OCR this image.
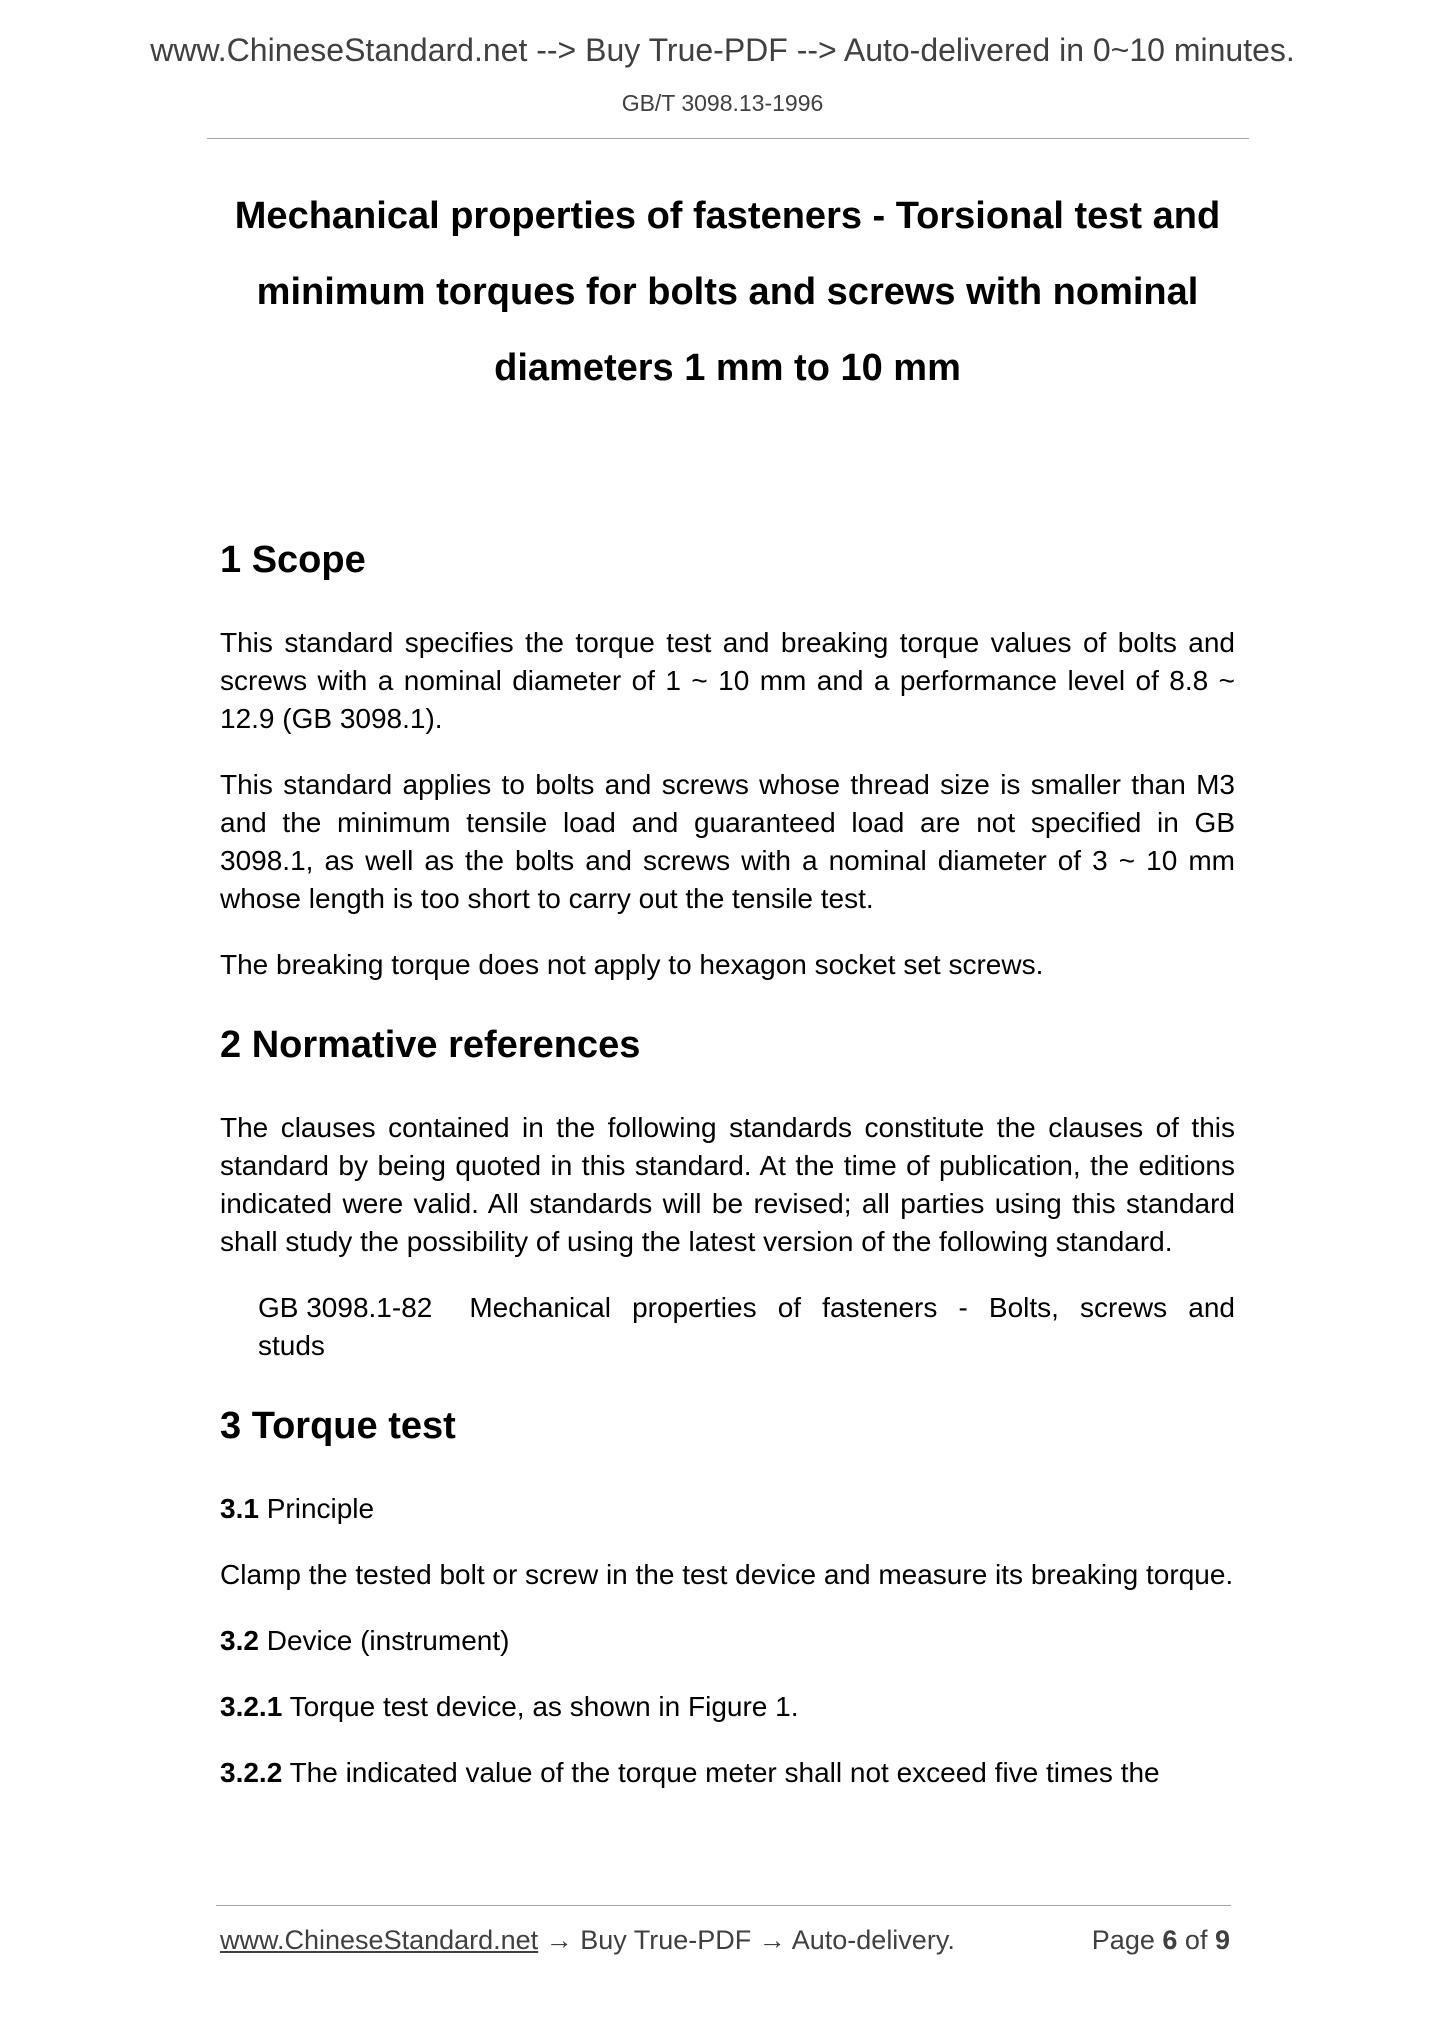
www.ChineseStandard.net --> Buy True-PDF --> Auto-delivered in 0~10 minutes.
GB/T 3098.13-1996
Mechanical properties of fasteners - Torsional test and
minimum torques for bolts and screws with nominal
diameters 1 mm to 10 mm
1 Scope

This standard specifies the torque test and breaking torque values of bolts and screws with a nominal diameter of 1 ~ 10 mm and a performance level of 8.8 ~ 12.9 (GB 3098.1).

This standard applies to bolts and screws whose thread size is smaller than M3 and the minimum tensile load and guaranteed load are not specified in GB 3098.1, as well as the bolts and screws with a nominal diameter of 3 ~ 10 mm whose length is too short to carry out the tensile test.

The breaking torque does not apply to hexagon socket set screws.

2 Normative references

The clauses contained in the following standards constitute the clauses of this standard by being quoted in this standard. At the time of publication, the editions indicated were valid. All standards will be revised; all parties using this standard shall study the possibility of using the latest version of the following standard.

GB 3098.1-82 Mechanical properties of fasteners - Bolts, screws and
studs
3 Torque test

3.1 Principle

Clamp the tested bolt or screw in the test device and measure its breaking torque.

3.2 Device (instrument)

3.2.1 Torque test device, as shown in Figure 1.

3.2.2 The indicated value of the torque meter shall not exceed five times the

www.ChineseStandard.net → Buy True-PDF → Auto-delivery.	Page 6 of 9
